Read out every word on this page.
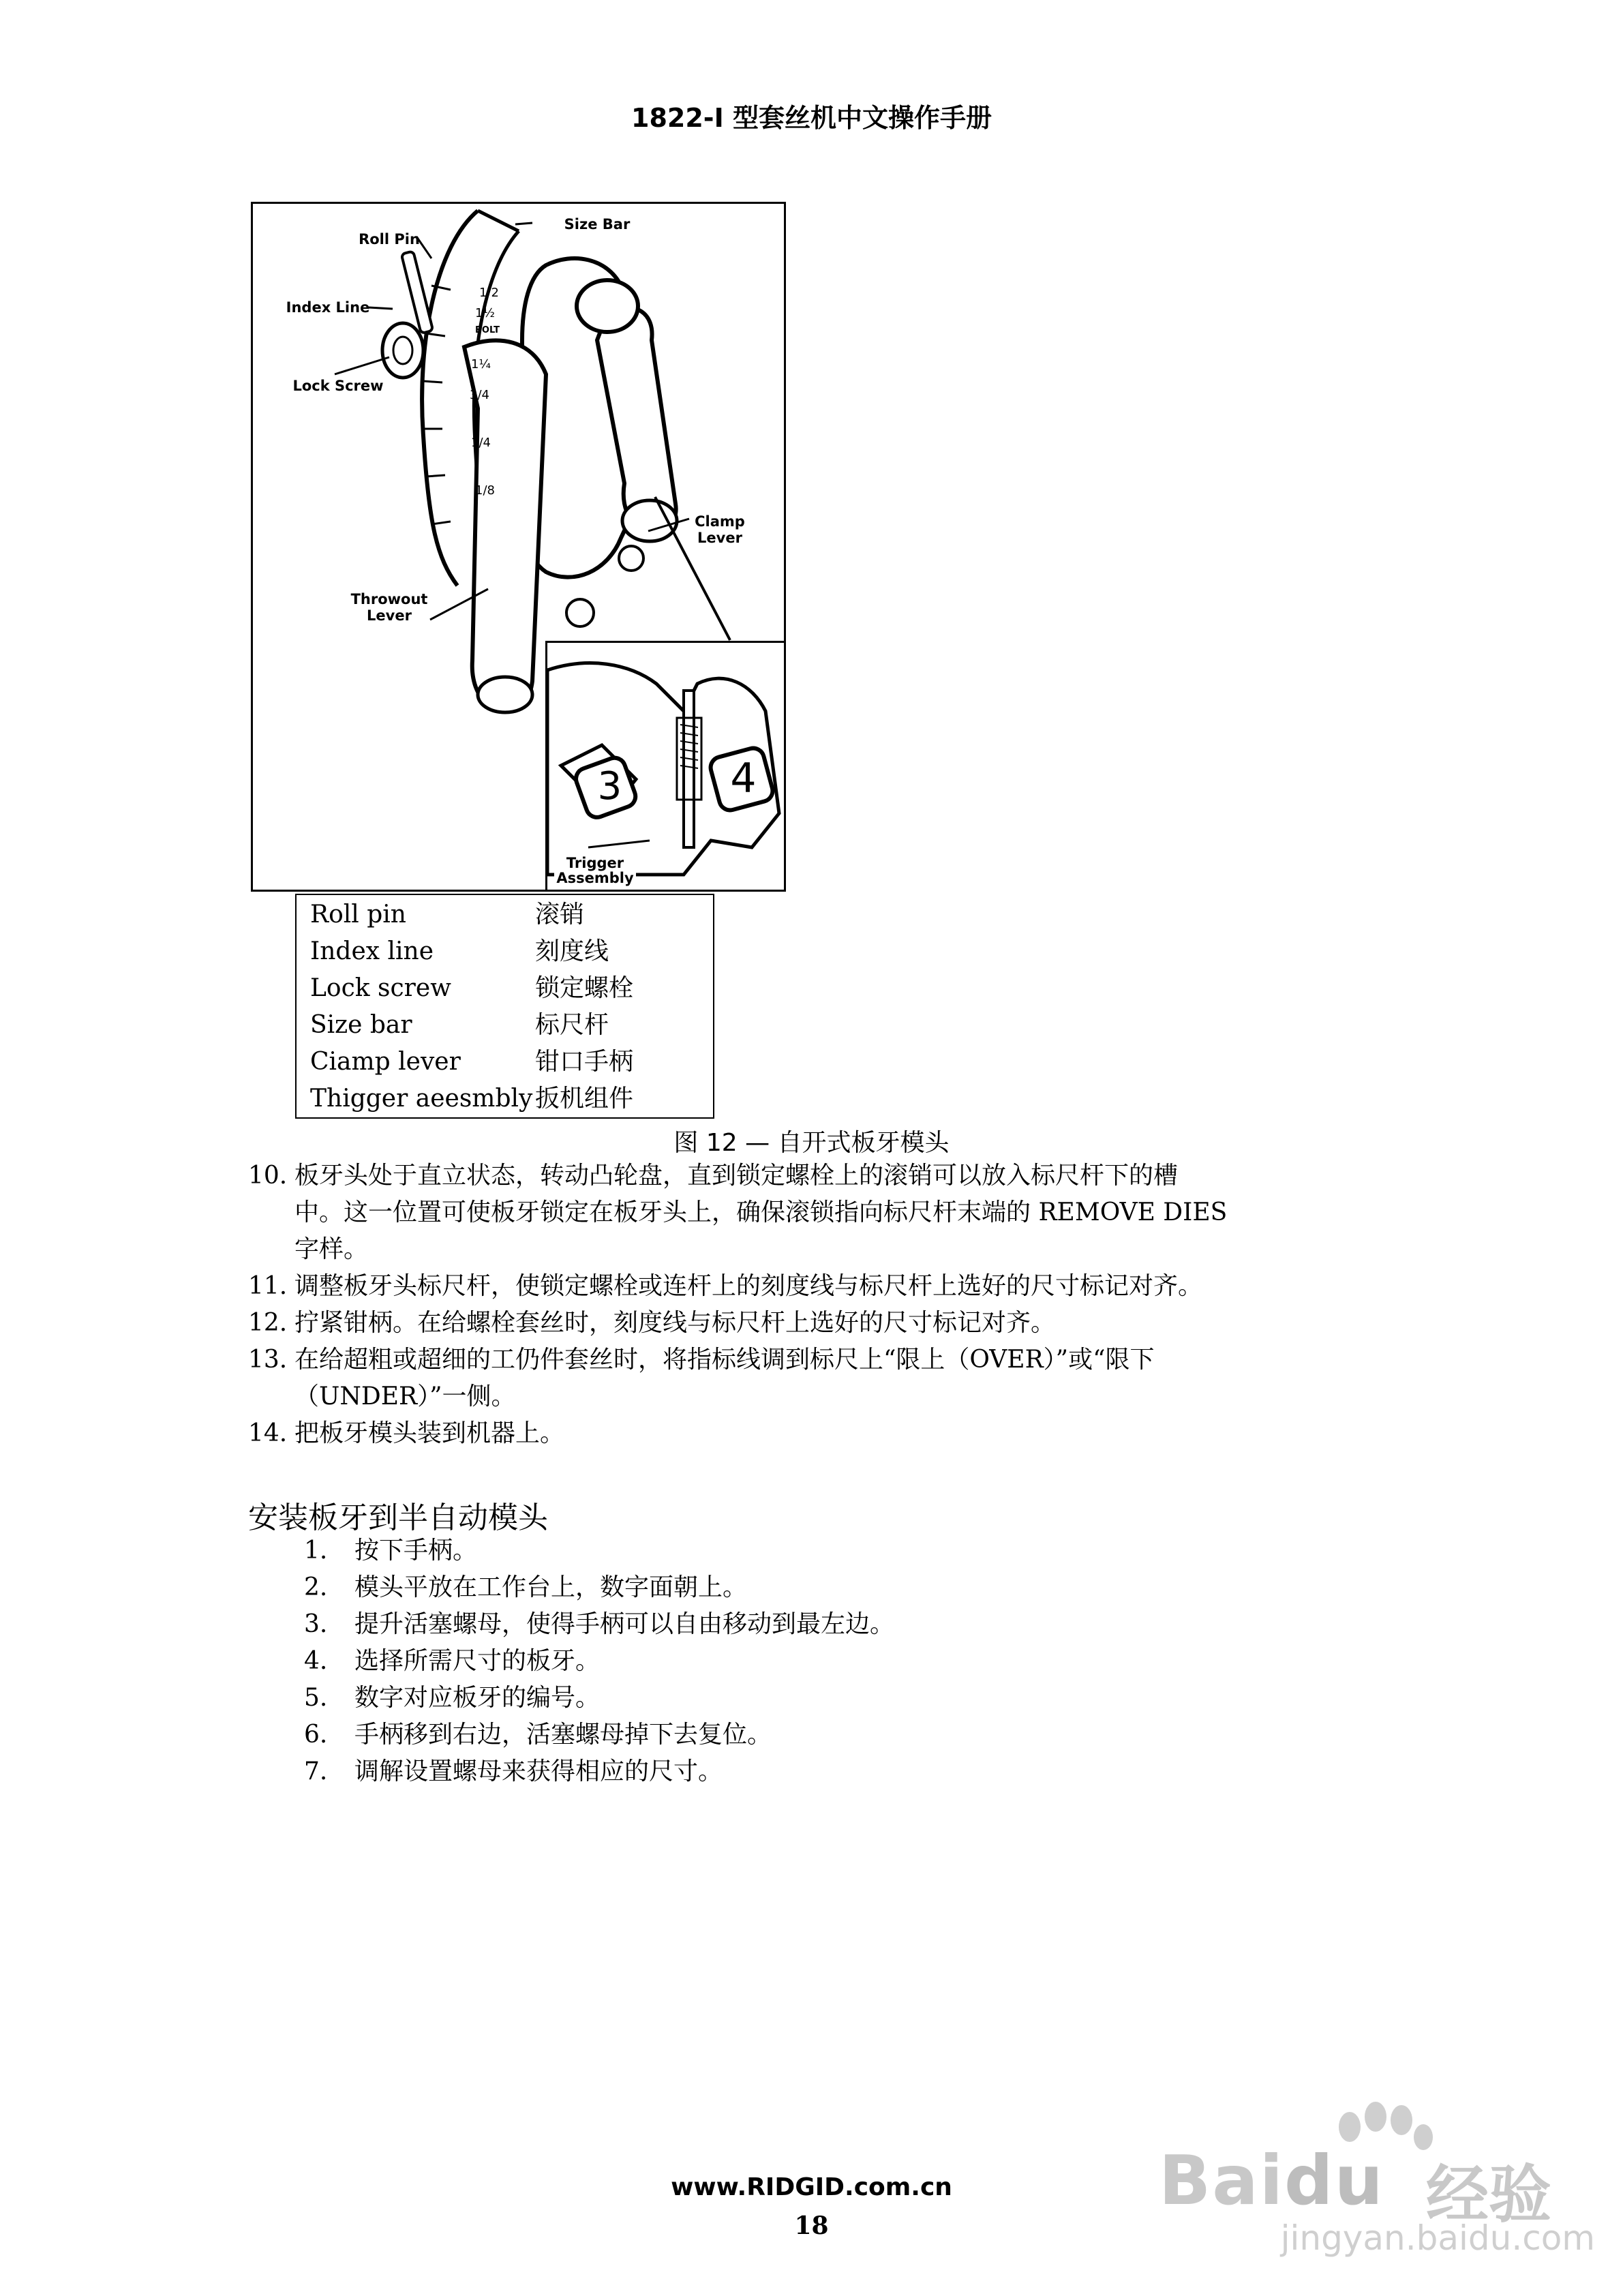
1822-I 型套丝机中文操作手册
Roll Pin
Size Bar
Index Line
Lock Screw
Clamp
Lever
Throwout
Lever
1/2
1½
BOLT
1¼
3/4
1/4
1/8
3	4
Trigger
Assembly
Roll pin	滚销
Index line	刻度线
Lock screw	锁定螺栓
Size bar	标尺杆
Ciamp lever	钳口手柄
Thigger aeesmbly 扳机组件
图 12 — 自开式板牙模头
10. 板牙头处于直立状态，转动凸轮盘，直到锁定螺栓上的滚销可以放入标尺杆下的槽
中。这一位置可使板牙锁定在板牙头上，确保滚锁指向标尺杆末端的 REMOVE DIES
字样。
11. 调整板牙头标尺杆，使锁定螺栓或连杆上的刻度线与标尺杆上选好的尺寸标记对齐。
12. 拧紧钳柄。在给螺栓套丝时，刻度线与标尺杆上选好的尺寸标记对齐。
13. 在给超粗或超细的工仍件套丝时，将指标线调到标尺上“限上（OVER）”或“限下
（UNDER）”一侧。
14. 把板牙模头装到机器上。
安装板牙到半自动模头
1. 按下手柄。
2. 模头平放在工作台上，数字面朝上。
3. 提升活塞螺母，使得手柄可以自由移动到最左边。
4. 选择所需尺寸的板牙。
5. 数字对应板牙的编号。
6. 手柄移到右边，活塞螺母掉下去复位。
7. 调解设置螺母来获得相应的尺寸。
Baidu 经验
jingyan.baidu.com
www.RIDGID.com.cn
18
